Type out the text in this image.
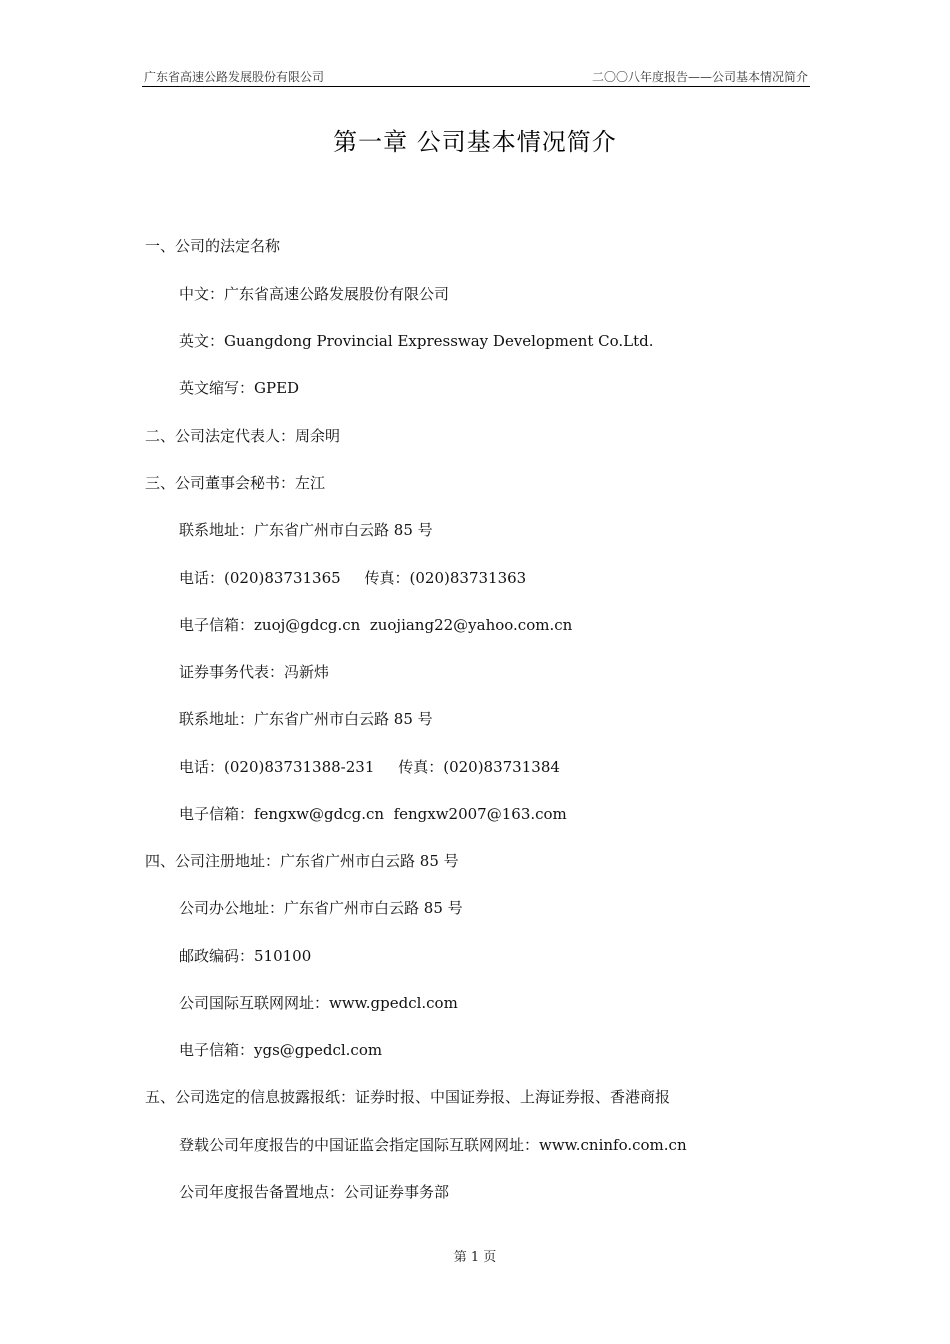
广东省高速公路发展股份有限公司	二〇〇八年度报告——公司基本情况简介
第一章 公司基本情况简介
一、公司的法定名称
中文：广东省高速公路发展股份有限公司
英文：Guangdong Provincial Expressway Development Co.Ltd.
英文缩写：GPED
二、公司法定代表人：周余明
三、公司董事会秘书：左江
联系地址：广东省广州市白云路 85 号
电话：(020)83731365     传真：(020)83731363
电子信箱：zuoj@gdcg.cn  zuojiang22@yahoo.com.cn
证券事务代表：冯新炜
联系地址：广东省广州市白云路 85 号
电话：(020)83731388-231     传真：(020)83731384
电子信箱：fengxw@gdcg.cn  fengxw2007@163.com
四、公司注册地址：广东省广州市白云路 85 号
公司办公地址：广东省广州市白云路 85 号
邮政编码：510100
公司国际互联网网址：www.gpedcl.com
电子信箱：ygs@gpedcl.com
五、公司选定的信息披露报纸：证券时报、中国证券报、上海证券报、香港商报
登载公司年度报告的中国证监会指定国际互联网网址：www.cninfo.com.cn
公司年度报告备置地点：公司证券事务部
第 1 页
